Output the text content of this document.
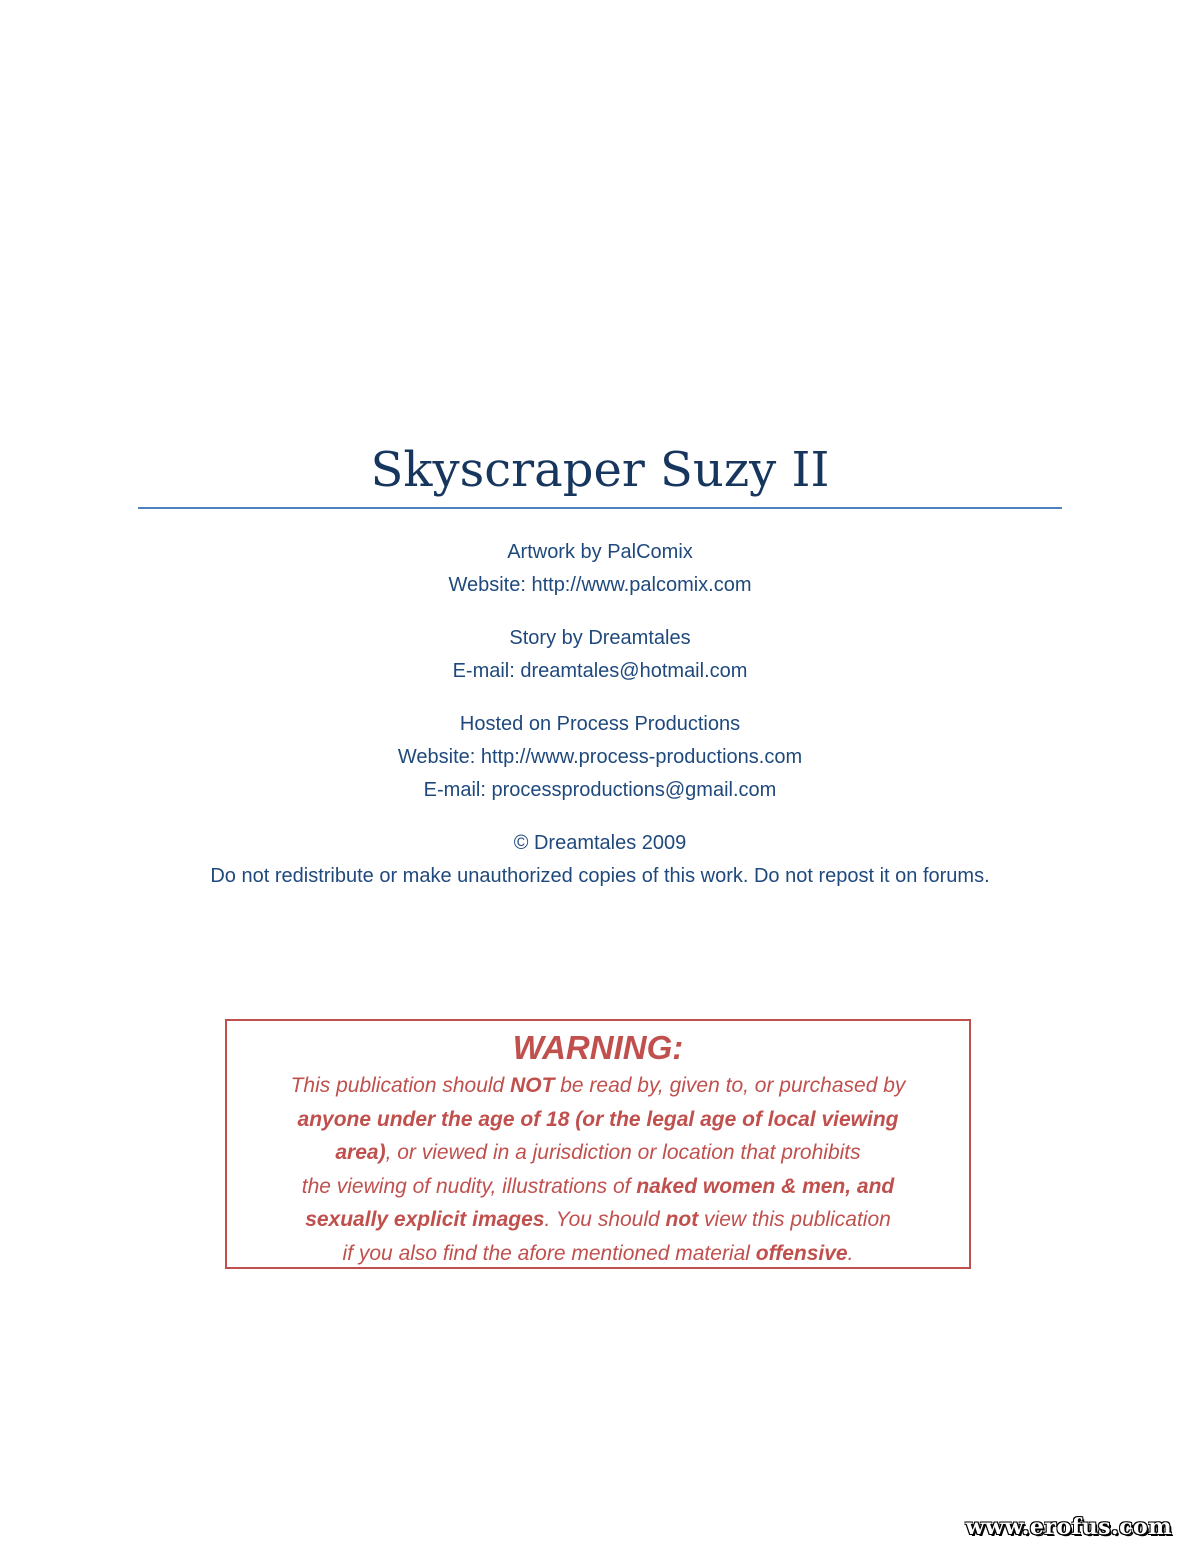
Skyscraper Suzy II
Artwork by PalComix
Website: http://www.palcomix.com
Story by Dreamtales
E-mail: dreamtales@hotmail.com
Hosted on Process Productions
Website: http://www.process-productions.com
E-mail: processproductions@gmail.com
© Dreamtales 2009
Do not redistribute or make unauthorized copies of this work. Do not repost it on forums.
WARNING:
This publication should NOT be read by, given to, or purchased by
anyone under the age of 18 (or the legal age of local viewing
area), or viewed in a jurisdiction or location that prohibits
the viewing of nudity, illustrations of naked women & men, and
sexually explicit images. You should not view this publication
if you also find the afore mentioned material offensive.
www.erofus.com
